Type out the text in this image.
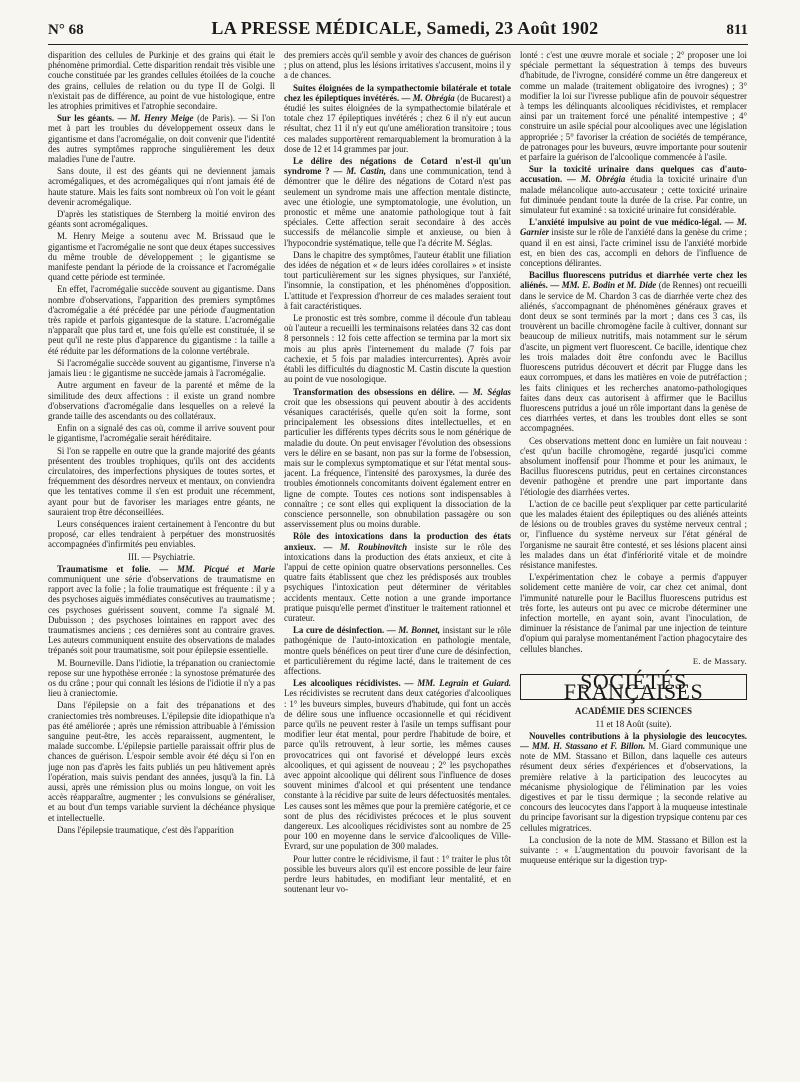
N° 68	LA PRESSE MÉDICALE, Samedi, 23 Août 1902	811

disparition des cellules de Purkinje et des grains qui était le phénomène primordial. Cette disparition rendait très visible une couche constituée par les grandes cellules étoilées de la couche des grains, cellules de relation ou du type II de Golgi. Il n'existait pas de différence, au point de vue histologique, entre les atrophies primitives et l'atrophie secondaire.

Sur les géants. — M. Henry Meige (de Paris). — Si l'on met à part les troubles du développement osseux dans le gigantisme et dans l'acromégalie, on doit convenir que l'identité des autres symptômes rapproche singulièrement les deux maladies l'une de l'autre.

Sans doute, il est des géants qui ne deviennent jamais acromégaliques, et des acromégaliques qui n'ont jamais été de haute stature. Mais les faits sont nombreux où l'on voit le géant devenir acromégalique.

D'après les statistiques de Sternberg la moitié environ des géants sont acromégaliques.

M. Henry Meige a soutenu avec M. Brissaud que le gigantisme et l'acromégalie ne sont que deux étapes successives du même trouble de développement ; le gigantisme se manifeste pendant la période de la croissance et l'acromégalie quand cette période est terminée.

En effet, l'acromégalie succède souvent au gigantisme. Dans nombre d'observations, l'apparition des premiers symptômes d'acromégalie a été précédée par une période d'augmentation très rapide et parfois gigantesque de la stature. L'acromégalie n'apparaît que plus tard et, une fois qu'elle est constituée, il se peut qu'il ne reste plus d'apparence du gigantisme : la taille a été réduite par les déformations de la colonne vertébrale.

Si l'acromégalie succède souvent au gigantisme, l'inverse n'a jamais lieu : le gigantisme ne succède jamais à l'acromégalie.

Autre argument en faveur de la parenté et même de la similitude des deux affections : il existe un grand nombre d'observations d'acromégalie dans lesquelles on a relevé la grande taille des ascendants ou des collatéraux.

Enfin on a signalé des cas où, comme il arrive souvent pour le gigantisme, l'acromégalie serait héréditaire.

Si l'on se rappelle en outre que la grande majorité des géants présentent des troubles trophiques, qu'ils ont des accidents circulatoires, des imperfections physiques de toutes sortes, et fréquemment des désordres nerveux et mentaux, on conviendra que les tentatives comme il s'en est produit une récemment, ayant pour but de favoriser les mariages entre géants, ne sauraient trop être déconseillées.

Leurs conséquences iraient certainement à l'encontre du but proposé, car elles tendraient à perpétuer des monstruosités accompagnées d'infirmités peu enviables.

III. — Psychiatrie.

Traumatisme et folie. — MM. Picqué et Marie communiquent une série d'observations de traumatisme en rapport avec la folie ; la folie traumatique est fréquente : il y a des psychoses aiguës immédiates consécutives au traumatisme ; ces psychoses guérissent souvent, comme l'a signalé M. Dubuisson ; des psychoses lointaines en rapport avec des traumatismes anciens ; ces dernières sont au contraire graves. Les auteurs communiquent ensuite des observations de malades trépanés soit pour traumatisme, soit pour épilepsie essentielle.

M. Bourneville. Dans l'idiotie, la trépanation ou craniectomie repose sur une hypothèse erronée : la synostose prématurée des os du crâne ; pour qui connaît les lésions de l'idiotie il n'y a pas lieu à craniectomie.

Dans l'épilepsie on a fait des trépanations et des craniectomies très nombreuses. L'épilepsie dite idiopathique n'a pas été améliorée ; après une rémission attribuable à l'émission sanguine peut-être, les accès reparaissent, augmentent, le malade succombe. L'épilepsie partielle paraissait offrir plus de chances de guérison. L'espoir semble avoir été déçu si l'on en juge non pas d'après les faits publiés un peu hâtivement après l'opération, mais suivis pendant des années, jusqu'à la fin. Là aussi, après une rémission plus ou moins longue, on voit les accès réapparaître, augmenter ; les convulsions se généraliser, et au bout d'un temps variable survient la déchéance physique et intellectuelle.

Dans l'épilepsie traumatique, c'est dès l'apparition

des premiers accès qu'il semble y avoir des chances de guérison ; plus on attend, plus les lésions irritatives s'accusent, moins il y a de chances.

Suites éloignées de la sympathectomie bilatérale et totale chez les épileptiques invétérés. — M. Obrégia (de Bucarest) a étudié les suites éloignées de la sympathectomie bilatérale et totale chez 17 épileptiques invétérés ; chez 6 il n'y eut aucun résultat, chez 11 il n'y eut qu'une amélioration transitoire ; tous ces malades supportèrent remarquablement la bromuration à la dose de 12 et 14 grammes par jour.

Le délire des négations de Cotard n'est-il qu'un syndrome ? — M. Castin, dans une communication, tend à démontrer que le délire des négations de Cotard n'est pas seulement un syndrome mais une affection mentale distincte, avec une étiologie, une symptomatologie, une évolution, un pronostic et même une anatomie pathologique tout à fait spéciales. Cette affection serait secondaire à des accès successifs de mélancolie simple et anxieuse, ou bien à l'hypocondrie systématique, telle que l'a décrite M. Séglas.

Dans le chapitre des symptômes, l'auteur établit une filiation des idées de négation et « de leurs idées corollaires » et insiste tout particulièrement sur les signes physiques, sur l'anxiété, l'insomnie, la constipation, et les phénomènes d'opposition. L'attitude et l'expression d'horreur de ces malades seraient tout à fait caractéristiques.

Le pronostic est très sombre, comme il découle d'un tableau où l'auteur a recueilli les terminaisons relatées dans 32 cas dont 8 personnels : 12 fois cette affection se termina par la mort six mois au plus après l'internement du malade (7 fois par cachexie, et 5 fois par maladies intercurrentes). Après avoir établi les difficultés du diagnostic M. Castin discute la question au point de vue nosologique.

Transformation des obsessions en délire. — M. Séglas croit que les obsessions qui peuvent aboutir à des accidents vésaniques caractérisés, quelle qu'en soit la forme, sont principalement les obsessions dites intellectuelles, et en particulier les différents types décrits sous le nom générique de maladie du doute. On peut envisager l'évolution des obsessions vers le délire en se basant, non pas sur la forme de l'obsession, mais sur le complexus symptomatique et sur l'état mental sous-jacent. La fréquence, l'intensité des paroxysmes, la durée des troubles émotionnels concomitants doivent également entrer en ligne de compte. Toutes ces notions sont indispensables à connaître ; ce sont elles qui expliquent la dissociation de la conscience personnelle, son obnubilation passagère ou son asservissement plus ou moins durable.

Rôle des intoxications dans la production des états anxieux. — M. Roubinovitch insiste sur le rôle des intoxications dans la production des états anxieux, et cite à l'appui de cette opinion quatre observations personnelles. Ces quatre faits établissent que chez les prédisposés aux troubles psychiques l'intoxication peut déterminer de véritables accidents mentaux. Cette notion a une grande importance pratique puisqu'elle permet d'instituer le traitement rationnel et curateur.

La cure de désinfection. — M. Bonnet, insistant sur le rôle pathogénique de l'auto-intoxication en pathologie mentale, montre quels bénéfices on peut tirer d'une cure de désinfection, et particulièrement du régime lacté, dans le traitement de ces affections.

Les alcooliques récidivistes. — MM. Legrain et Guiard. Les récidivistes se recrutent dans deux catégories d'alcooliques : 1° les buveurs simples, buveurs d'habitude, qui font un accès de délire sous une influence occasionnelle et qui récidivent parce qu'ils ne peuvent rester à l'asile un temps suffisant pour modifier leur état mental, pour perdre l'habitude de boire, et parce qu'ils retrouvent, à leur sortie, les mêmes causes provocatrices qui ont favorisé et développé leurs excès alcooliques, et qui agissent de nouveau ; 2° les psychopathes avec appoint alcoolique qui délirent sous l'influence de doses souvent minimes d'alcool et qui présentent une tendance constante à la récidive par suite de leurs défectuosités mentales. Les causes sont les mêmes que pour la première catégorie, et ce sont de plus des récidivistes précoces et le plus souvent dangereux. Les alcooliques récidivistes sont au nombre de 25 pour 100 en moyenne dans le service d'alcooliques de Ville-Evrard, sur une population de 300 malades.

Pour lutter contre le récidivisme, il faut : 1° traiter le plus tôt possible les buveurs alors qu'il est encore possible de leur faire perdre leurs habitudes, en modifiant leur mentalité, et en soutenant leur vo-

lonté : c'est une œuvre morale et sociale ; 2° proposer une loi spéciale permettant la séquestration à temps des buveurs d'habitude, de l'ivrogne, considéré comme un être dangereux et comme un malade (traitement obligatoire des ivrognes) ; 3° modifier la loi sur l'ivresse publique afin de pouvoir séquestrer à temps les délinquants alcooliques récidivistes, et remplacer ainsi par un traitement forcé une pénalité intempestive ; 4° construire un asile spécial pour alcooliques avec une législation appropriée ; 5° favoriser la création de sociétés de tempérance, de patronages pour les buveurs, œuvre importante pour soutenir et parfaire la guérison de l'alcoolique commencée à l'asile.

Sur la toxicité urinaire dans quelques cas d'auto-accusation. — M. Obrégia étudia la toxicité urinaire d'un malade mélancolique auto-accusateur ; cette toxicité urinaire fut diminuée pendant toute la durée de la crise. Par contre, un simulateur fut examiné : sa toxicité urinaire fut considérable.

L'anxiété impulsive au point de vue médico-légal. — M. Garnier insiste sur le rôle de l'anxiété dans la genèse du crime ; quand il en est ainsi, l'acte criminel issu de l'anxiété morbide est, en bien des cas, accompli en dehors de l'influence de conceptions délirantes.

Bacillus fluorescens putridus et diarrhée verte chez les aliénés. — MM. E. Bodin et M. Dide (de Rennes) ont recueilli dans le service de M. Chardon 3 cas de diarrhée verte chez des aliénés, s'accompagnant de phénomènes généraux graves et dont deux se sont terminés par la mort ; dans ces 3 cas, ils trouvèrent un bacille chromogène facile à cultiver, donnant sur beaucoup de milieux nutritifs, mais notamment sur le sérum d'ascite, un pigment vert fluorescent. Ce bacille, identique chez les trois malades doit être confondu avec le Bacillus fluorescens putridus découvert et décrit par Flugge dans les eaux corrompues, et dans les matières en voie de putréfaction ; les faits cliniques et les recherches anatomo-pathologiques faites dans deux cas autorisent à affirmer que le Bacillus fluorescens putridus a joué un rôle important dans la genèse de ces diarrhées vertes, et dans les troubles dont elles se sont accompagnées.

Ces observations mettent donc en lumière un fait nouveau : c'est qu'un bacille chromogène, regardé jusqu'ici comme absolument inoffensif pour l'homme et pour les animaux, le Bacillus fluorescens putridus, peut en certaines circonstances devenir pathogène et prendre une part importante dans l'étiologie des diarrhées vertes.

L'action de ce bacille peut s'expliquer par cette particularité que les malades étaient des épileptiques ou des aliénés atteints de lésions ou de troubles graves du système nerveux central ; or, l'influence du système nerveux sur l'état général de l'organisme ne saurait être contesté, et ses lésions placent ainsi les malades dans un état d'infériorité vitale et de moindre résistance manifestes.

L'expérimentation chez le cobaye a permis d'appuyer solidement cette manière de voir, car chez cet animal, dont l'immunité naturelle pour le Bacillus fluorescens putridus est très forte, les auteurs ont pu avec ce microbe déterminer une infection mortelle, en ayant soin, avant l'inoculation, de diminuer la résistance de l'animal par une injection de teinture d'opium qui paralyse momentanément l'action phagocytaire des cellules blanches.

E. de Massary.

SOCIÉTÉS FRANÇAISES

ACADÉMIE DES SCIENCES

11 et 18 Août (suite).

Nouvelles contributions à la physiologie des leucocytes. — MM. H. Stassano et F. Billon. M. Giard communique une note de MM. Stassano et Billon, dans laquelle ces auteurs résument deux séries d'expériences et d'observations, la première relative à la participation des leucocytes au mécanisme physiologique de l'élimination par les voies digestives et par le tissu dermique ; la seconde relative au concours des leucocytes dans l'apport à la muqueuse intestinale du principe favorisant sur la digestion trypsique contenu par ces cellules migratrices.

La conclusion de la note de MM. Stassano et Billon est la suivante : « L'augmentation du pouvoir favorisant de la muqueuse entérique sur la digestion tryp-
